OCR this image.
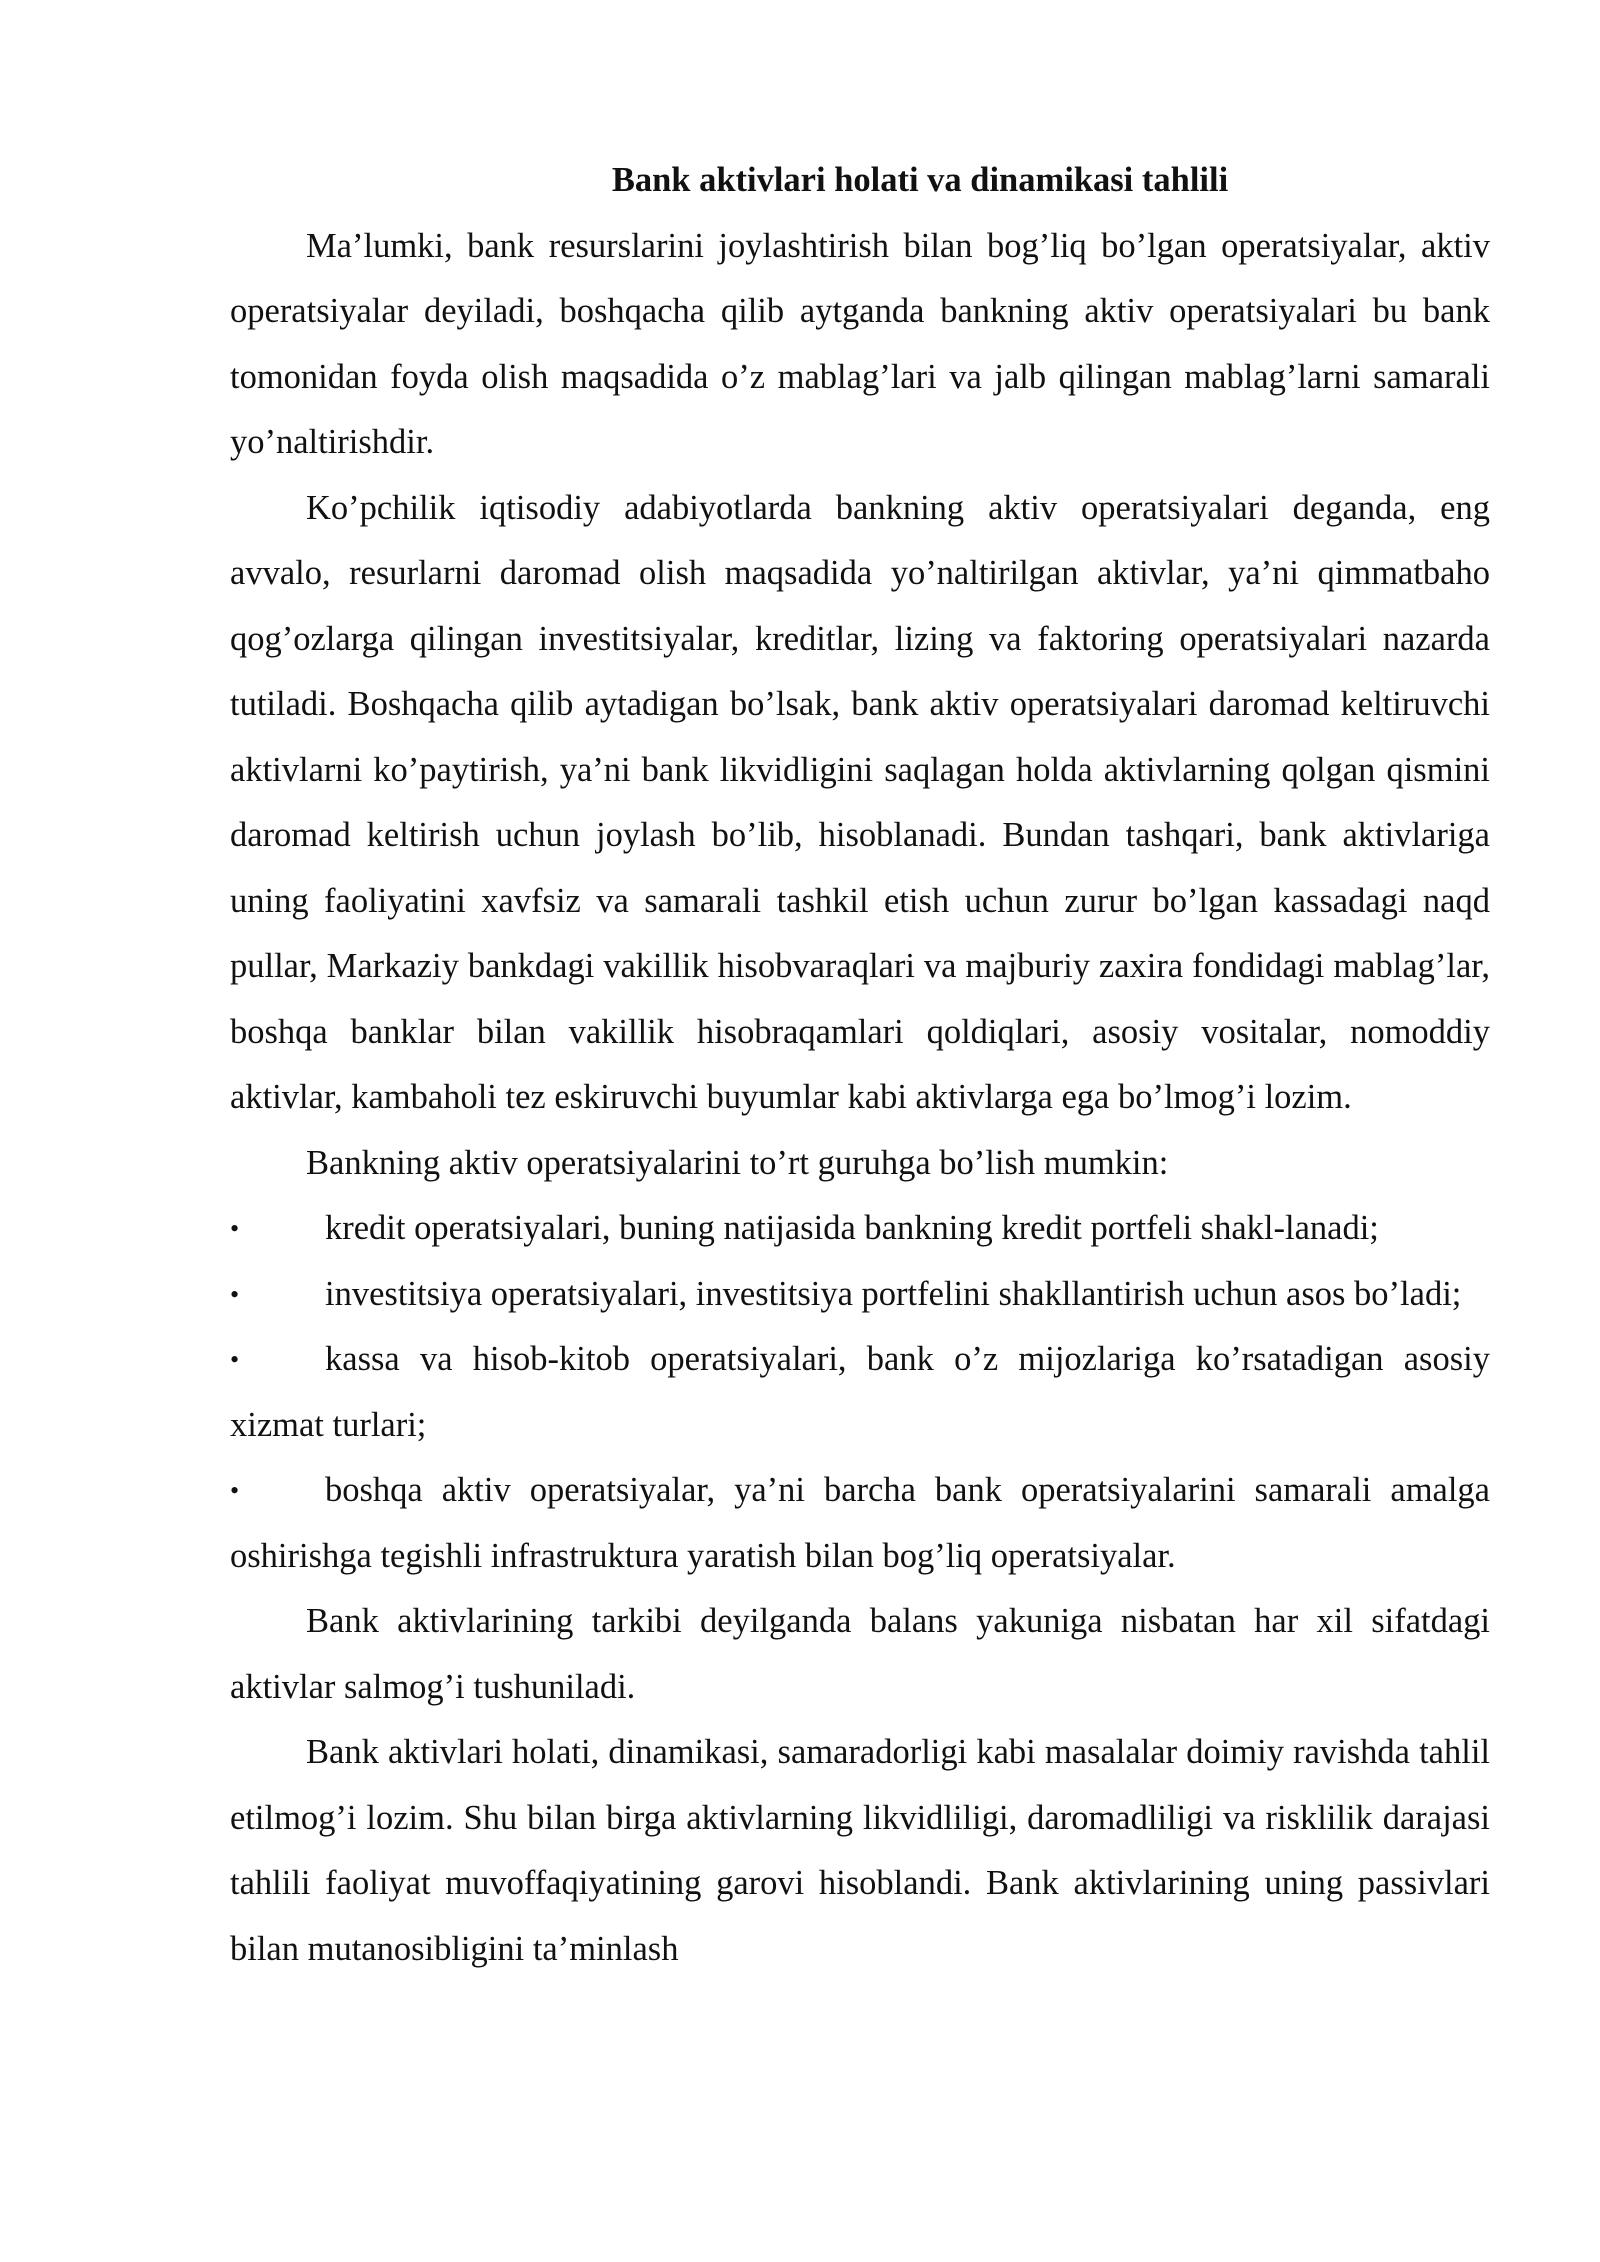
Bank aktivlari holati va dinamikasi tahlili

Ma’lumki, bank resurslarini joylashtirish bilan bog’liq bo’lgan operatsiyalar, aktiv operatsiyalar deyiladi, boshqacha qilib aytganda bankning aktiv operatsiyalari bu bank tomonidan foyda olish maqsadida o’z mablag’lari va jalb qilingan mablag’larni samarali yo’naltirishdir.

Ko’pchilik iqtisodiy adabiyotlarda bankning aktiv operatsiyalari deganda, eng avvalo, resurlarni daromad olish maqsadida yo’naltirilgan aktivlar, ya’ni qimmatbaho qog’ozlarga qilingan investitsiyalar, kreditlar, lizing va faktoring operatsiyalari nazarda tutiladi. Boshqacha qilib aytadigan bo’lsak, bank aktiv operatsiyalari daromad keltiruvchi aktivlarni ko’paytirish, ya’ni bank likvidligini saqlagan holda aktivlarning qolgan qismini daromad keltirish uchun joylash bo’lib, hisoblanadi. Bundan tashqari, bank aktivlariga uning faoliyatini xavfsiz va samarali tashkil etish uchun zurur bo’lgan kassadagi naqd pullar, Markaziy bankdagi vakillik hisobvaraqlari va majburiy zaxira fondidagi mablag’lar, boshqa banklar bilan vakillik hisobraqamlari qoldiqlari, asosiy vositalar, nomoddiy aktivlar, kambaholi tez eskiruvchi buyumlar kabi aktivlarga ega bo’lmog’i lozim.

Bankning aktiv operatsiyalarini to’rt guruhga bo’lish mumkin:

• kredit operatsiyalari, buning natijasida bankning kredit portfeli shakl-lanadi;

• investitsiya operatsiyalari, investitsiya portfelini shakllantirish uchun asos bo’ladi;

• kassa va hisob-kitob operatsiyalari, bank o’z mijozlariga ko’rsatadigan asosiy xizmat turlari;

• boshqa aktiv operatsiyalar, ya’ni barcha bank operatsiyalarini samarali amalga oshirishga tegishli infrastruktura yaratish bilan bog’liq operatsiyalar.

Bank aktivlarining tarkibi deyilganda balans yakuniga nisbatan har xil sifatdagi aktivlar salmog’i tushuniladi.

Bank aktivlari holati, dinamikasi, samaradorligi kabi masalalar doimiy ravishda tahlil etilmog’i lozim. Shu bilan birga aktivlarning likvidliligi, daromadliligi va risklilik darajasi tahlili faoliyat muvoffaqiyatining garovi hisoblandi. Bank aktivlarining uning passivlari bilan mutanosibligini ta’minlash
